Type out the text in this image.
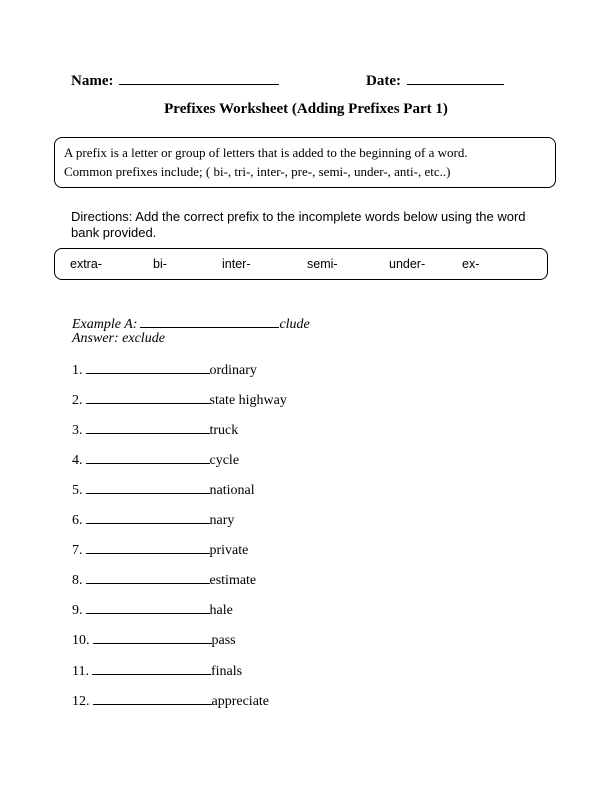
Name:	Date:
Prefixes Worksheet (Adding Prefixes Part 1)
A prefix is a letter or group of letters that is added to the beginning of a word.
Common prefixes include; ( bi-, tri-, inter-, pre-, semi-, under-, anti-, etc..)
Directions: Add the correct prefix to the incomplete words below using the word
bank provided.
extra-	bi-	inter-	semi-	under-	ex-
Example A:	clude
Answer: exclude
1.	ordinary
2.	state highway
3.	truck
4.	cycle
5.	national
6.	nary
7.	private
8.	estimate
9.	hale
10.	pass
11.	finals
12.	appreciate
